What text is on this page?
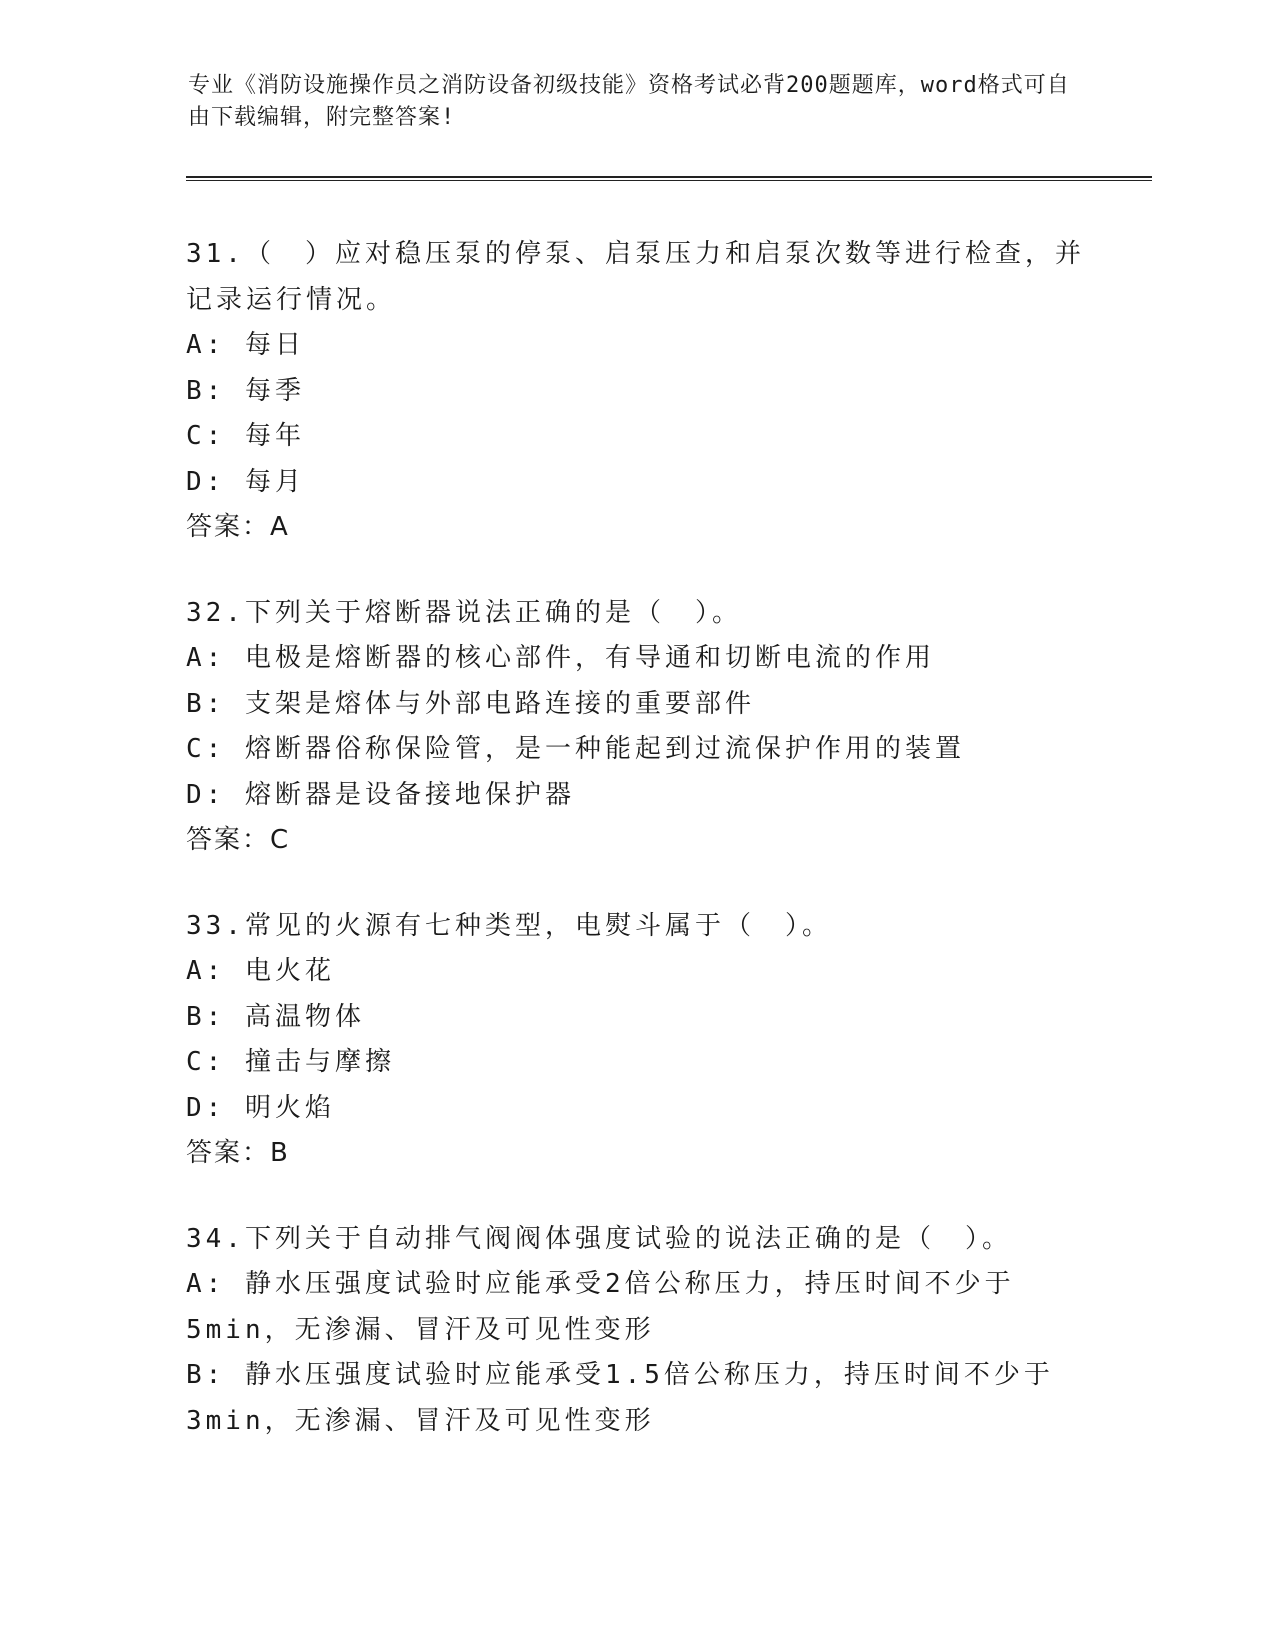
专业《消防设施操作员之消防设备初级技能》资格考试必背200题题库，word格式可自由下载编辑，附完整答案!

31.（　）应对稳压泵的停泵、启泵压力和启泵次数等进行检查，并记录运行情况。

A: 每日

B: 每季

C: 每年

D: 每月

答案：A

32.下列关于熔断器说法正确的是（　）。

A: 电极是熔断器的核心部件，有导通和切断电流的作用

B: 支架是熔体与外部电路连接的重要部件

C: 熔断器俗称保险管，是一种能起到过流保护作用的装置

D: 熔断器是设备接地保护器

答案：C

33.常见的火源有七种类型，电熨斗属于（　）。

A: 电火花

B: 高温物体

C: 撞击与摩擦

D: 明火焰

答案：B

34.下列关于自动排气阀阀体强度试验的说法正确的是（　）。

A: 静水压强度试验时应能承受2倍公称压力，持压时间不少于5min，无渗漏、冒汗及可见性变形

B: 静水压强度试验时应能承受1.5倍公称压力，持压时间不少于3min，无渗漏、冒汗及可见性变形
